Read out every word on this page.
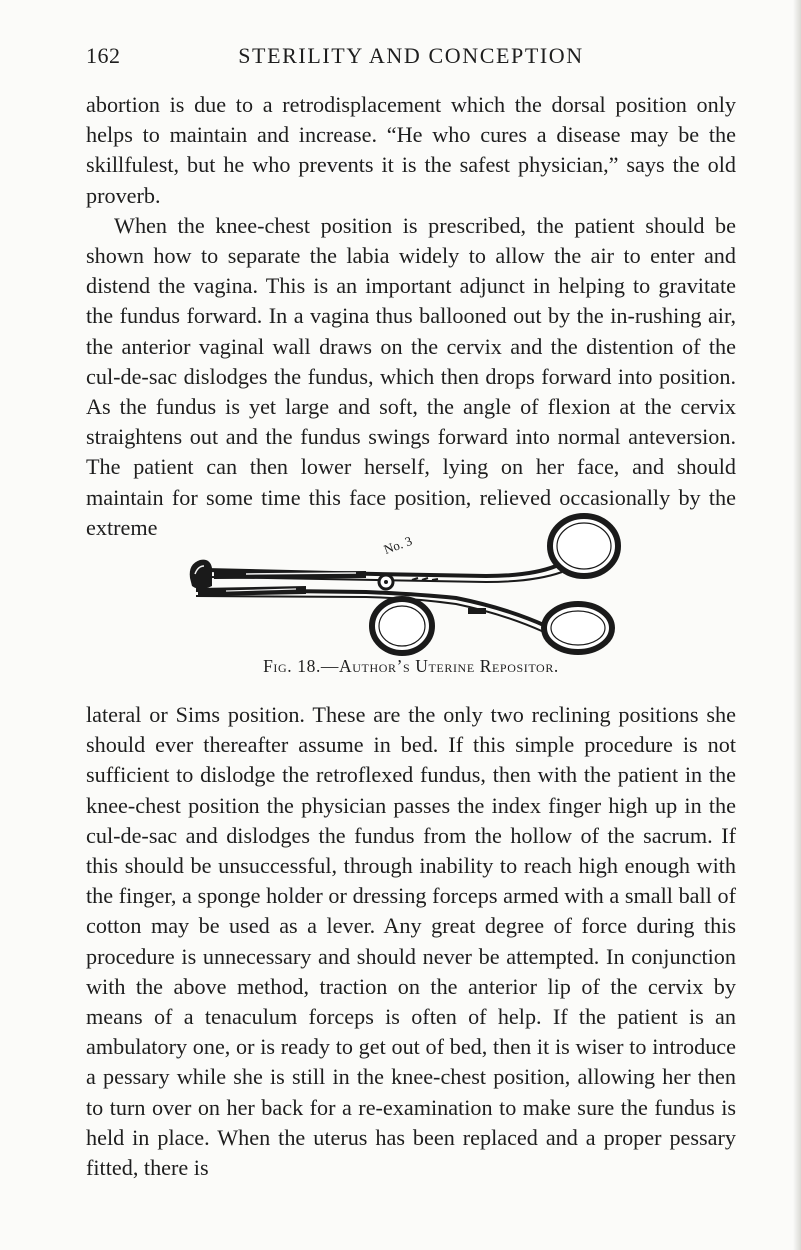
162	STERILITY AND CONCEPTION

abortion is due to a retrodisplacement which the dorsal position only helps to maintain and increase. “He who cures a disease may be the skillfulest, but he who prevents it is the safest physician,” says the old proverb.

When the knee-chest position is prescribed, the patient should be shown how to separate the labia widely to allow the air to enter and distend the vagina. This is an important adjunct in helping to gravitate the fundus forward. In a vagina thus ballooned out by the in-rushing air, the anterior vaginal wall draws on the cervix and the distention of the cul-de-sac dislodges the fundus, which then drops forward into position. As the fundus is yet large and soft, the angle of flexion at the cervix straightens out and the fundus swings forward into normal anteversion. The patient can then lower herself, lying on her face, and should maintain for some time this face position, relieved occasionally by the extreme

No. 3
Fig. 18.—Author’s Uterine Repositor.

lateral or Sims position. These are the only two reclining positions she should ever thereafter assume in bed. If this simple procedure is not sufficient to dislodge the retroflexed fundus, then with the patient in the knee-chest position the physician passes the index finger high up in the cul-de-sac and dislodges the fundus from the hollow of the sacrum. If this should be unsuccessful, through inability to reach high enough with the finger, a sponge holder or dressing forceps armed with a small ball of cotton may be used as a lever. Any great degree of force during this procedure is unnecessary and should never be attempted. In conjunction with the above method, traction on the anterior lip of the cervix by means of a tenaculum forceps is often of help. If the patient is an ambulatory one, or is ready to get out of bed, then it is wiser to introduce a pessary while she is still in the knee-chest position, allowing her then to turn over on her back for a re-examination to make sure the fundus is held in place. When the uterus has been replaced and a proper pessary fitted, there is
